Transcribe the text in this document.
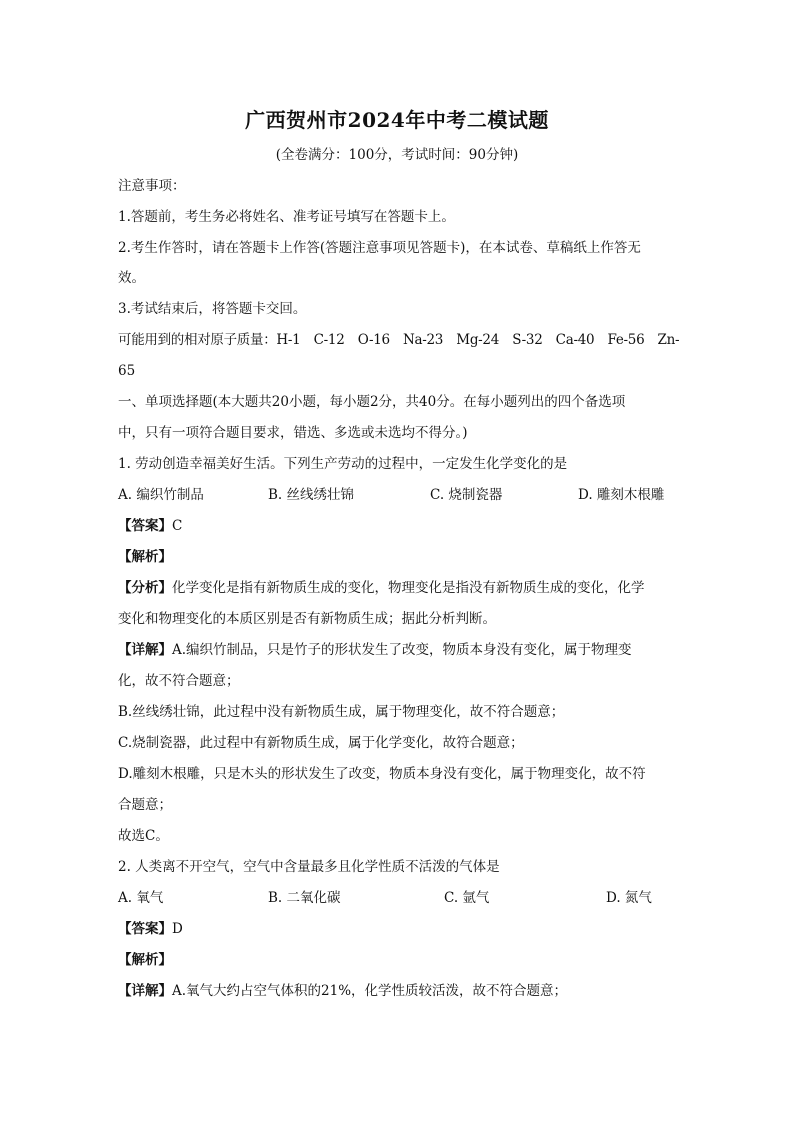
广西贺州市2024年中考二模试题
(全卷满分：100分，考试时间：90分钟)
注意事项：
1.答题前，考生务必将姓名、准考证号填写在答题卡上。
2.考生作答时，请在答题卡上作答(答题注意事项见答题卡)，在本试卷、草稿纸上作答无
效。
3.考试结束后，将答题卡交回。
可能用到的相对原子质量：H-1　C-12　O-16　Na-23　Mg-24　S-32　Ca-40　Fe-56　Zn-
65
一、单项选择题(本大题共20小题，每小题2分，共40分。在每小题列出的四个备选项
中，只有一项符合题目要求，错选、多选或未选均不得分。)
1. 劳动创造幸福美好生活。下列生产劳动的过程中，一定发生化学变化的是
A. 编织竹制品	B. 丝线绣壮锦	C. 烧制瓷器	D. 雕刻木根雕
【答案】C
【解析】
【分析】化学变化是指有新物质生成的变化，物理变化是指没有新物质生成的变化，化学
变化和物理变化的本质区别是否有新物质生成；据此分析判断。
【详解】A.编织竹制品，只是竹子的形状发生了改变，物质本身没有变化，属于物理变
化，故不符合题意；
B.丝线绣壮锦，此过程中没有新物质生成，属于物理变化，故不符合题意；
C.烧制瓷器，此过程中有新物质生成，属于化学变化，故符合题意；
D.雕刻木根雕，只是木头的形状发生了改变，物质本身没有变化，属于物理变化，故不符
合题意；
故选C。
2. 人类离不开空气，空气中含量最多且化学性质不活泼的气体是
A. 氧气	B. 二氧化碳	C. 氩气	D. 氮气
【答案】D
【解析】
【详解】A.氧气大约占空气体积的21%，化学性质较活泼，故不符合题意；
